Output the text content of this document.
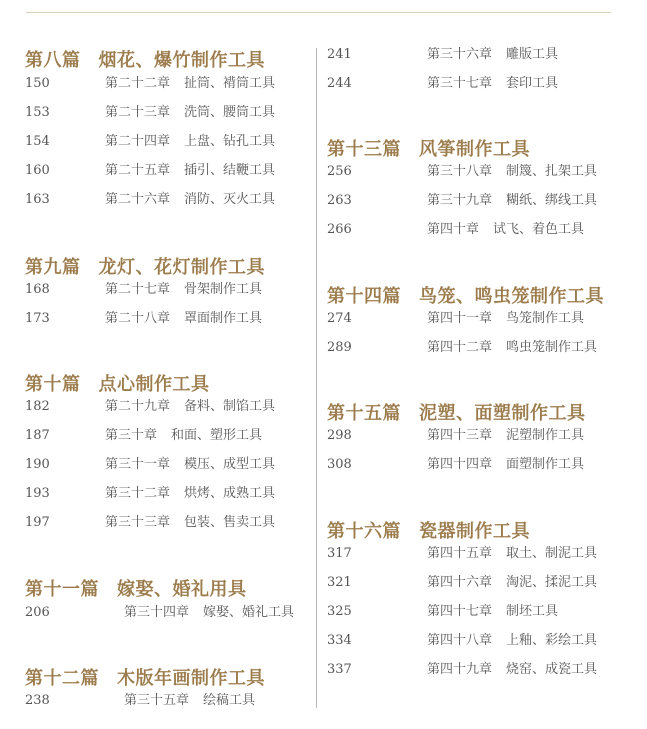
第八篇 烟花、爆竹制作工具
150	第二十二章 扯筒、褙筒工具
153	第二十三章 洗筒、腰筒工具
154	第二十四章 上盘、钻孔工具
160	第二十五章 插引、结鞭工具
163	第二十六章 消防、灭火工具
第九篇 龙灯、花灯制作工具
168	第二十七章 骨架制作工具
173	第二十八章 罩面制作工具
第十篇 点心制作工具
182	第二十九章 备料、制馅工具
187	第三十章 和面、塑形工具
190	第三十一章 模压、成型工具
193	第三十二章 烘烤、成熟工具
197	第三十三章 包装、售卖工具
第十一篇 嫁娶、婚礼用具
206	第三十四章 嫁娶、婚礼工具
第十二篇 木版年画制作工具
238	第三十五章 绘稿工具
241	第三十六章 雕版工具
244	第三十七章 套印工具
第十三篇 风筝制作工具
256	第三十八章 制篾、扎架工具
263	第三十九章 糊纸、绑线工具
266	第四十章 试飞、着色工具
第十四篇 鸟笼、鸣虫笼制作工具
274	第四十一章 鸟笼制作工具
289	第四十二章 鸣虫笼制作工具
第十五篇 泥塑、面塑制作工具
298	第四十三章 泥塑制作工具
308	第四十四章 面塑制作工具
第十六篇 瓷器制作工具
317	第四十五章 取土、制泥工具
321	第四十六章 淘泥、揉泥工具
325	第四十七章 制坯工具
334	第四十八章 上釉、彩绘工具
337	第四十九章 烧窑、成瓷工具
